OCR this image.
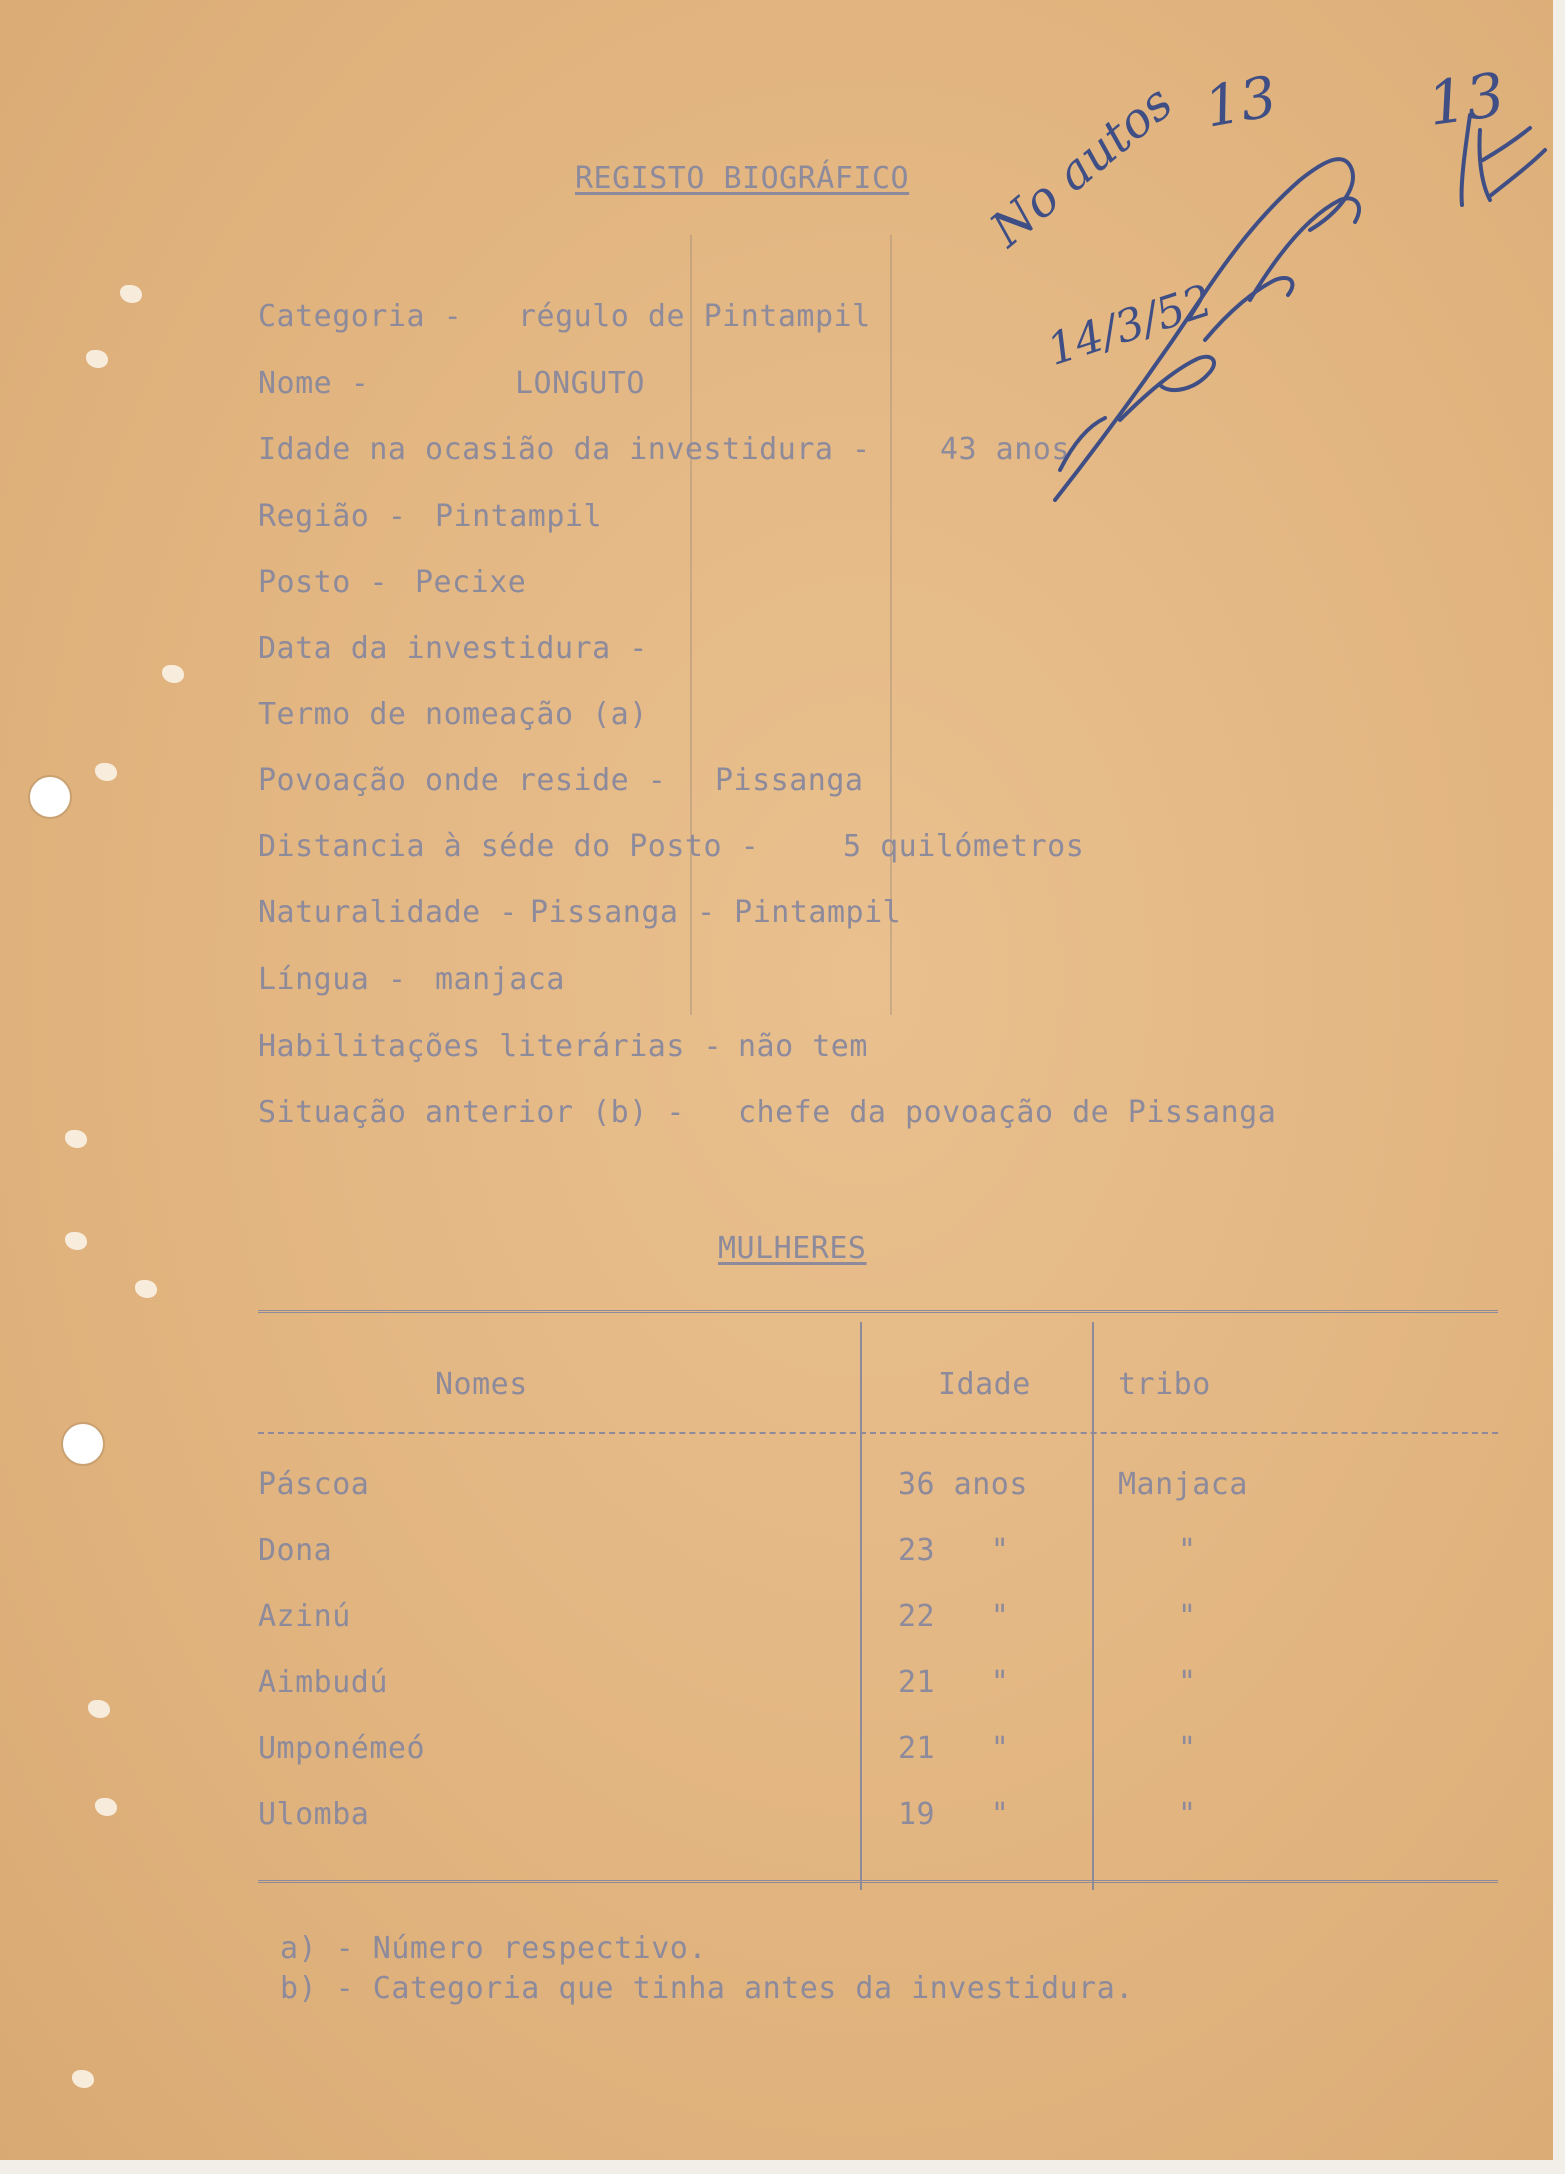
REGISTO BIOGRÁFICO
Categoria - régulo de Pintampil
Nome -	LONGUTO
Idade na ocasião da investidura - 43 anos
Região - Pintampil
Posto - Pecixe
Data da investidura -
Termo de nomeação (a)
Povoação onde reside - Pissanga
Distancia à séde do Posto -	5 quilómetros
Naturalidade - Pissanga - Pintampil
Língua - manjaca
Habilitações literárias - não tem
Situação anterior (b) - chefe da povoação de Pissanga
MULHERES
Nomes	Idade	tribo
Páscoa	36 anos	Manjaca
Dona	23   "	"
Azinú	22   "	"
Aimbudú	21   "	"
Umponémeó	21   "	"
Ulomba	19   "	"
a) - Número respectivo.
b) - Categoria que tinha antes da investidura.
13 13
No autos
14/3/52
